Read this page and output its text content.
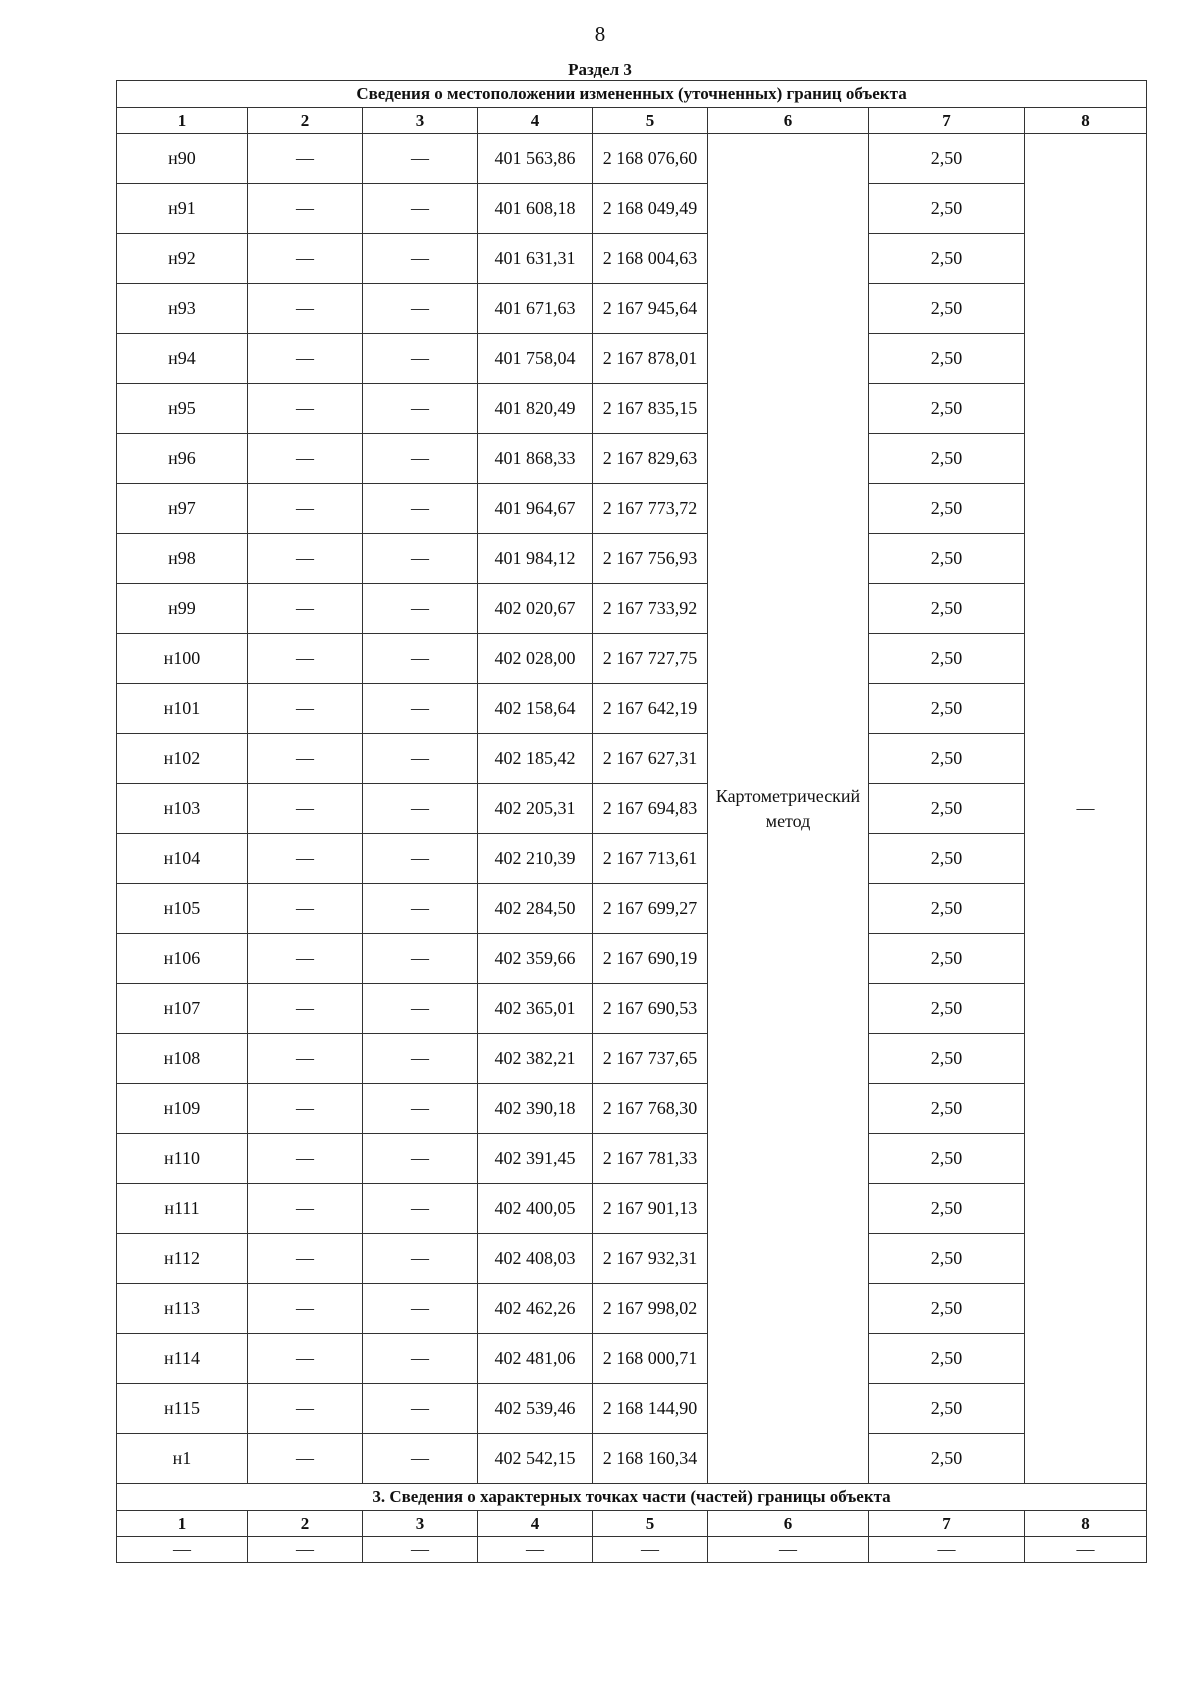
8
Раздел 3
Сведения о местоположении измененных (уточненных) границ объекта							
1	2	3	4	5	6	7	8
н90	—	—	401 563,86	2 168 076,60	Картометрический метод	2,50	—
н91	—	—	401 608,18	2 168 049,49		2,50	
н92	—	—	401 631,31	2 168 004,63		2,50	
н93	—	—	401 671,63	2 167 945,64		2,50	
н94	—	—	401 758,04	2 167 878,01		2,50	
н95	—	—	401 820,49	2 167 835,15		2,50	
н96	—	—	401 868,33	2 167 829,63		2,50	
н97	—	—	401 964,67	2 167 773,72		2,50	
н98	—	—	401 984,12	2 167 756,93		2,50	
н99	—	—	402 020,67	2 167 733,92		2,50	
н100	—	—	402 028,00	2 167 727,75		2,50	
н101	—	—	402 158,64	2 167 642,19		2,50	
н102	—	—	402 185,42	2 167 627,31		2,50	
н103	—	—	402 205,31	2 167 694,83		2,50	
н104	—	—	402 210,39	2 167 713,61		2,50	
н105	—	—	402 284,50	2 167 699,27		2,50	
н106	—	—	402 359,66	2 167 690,19		2,50	
н107	—	—	402 365,01	2 167 690,53		2,50	
н108	—	—	402 382,21	2 167 737,65		2,50	
н109	—	—	402 390,18	2 167 768,30		2,50	
н110	—	—	402 391,45	2 167 781,33		2,50	
н111	—	—	402 400,05	2 167 901,13		2,50	
н112	—	—	402 408,03	2 167 932,31		2,50	
н113	—	—	402 462,26	2 167 998,02		2,50	
н114	—	—	402 481,06	2 168 000,71		2,50	
н115	—	—	402 539,46	2 168 144,90		2,50	
н1	—	—	402 542,15	2 168 160,34		2,50	
3. Сведения о характерных точках части (частей) границы объекта							
1	2	3	4	5	6	7	8
—	—	—	—	—	—	—	—
